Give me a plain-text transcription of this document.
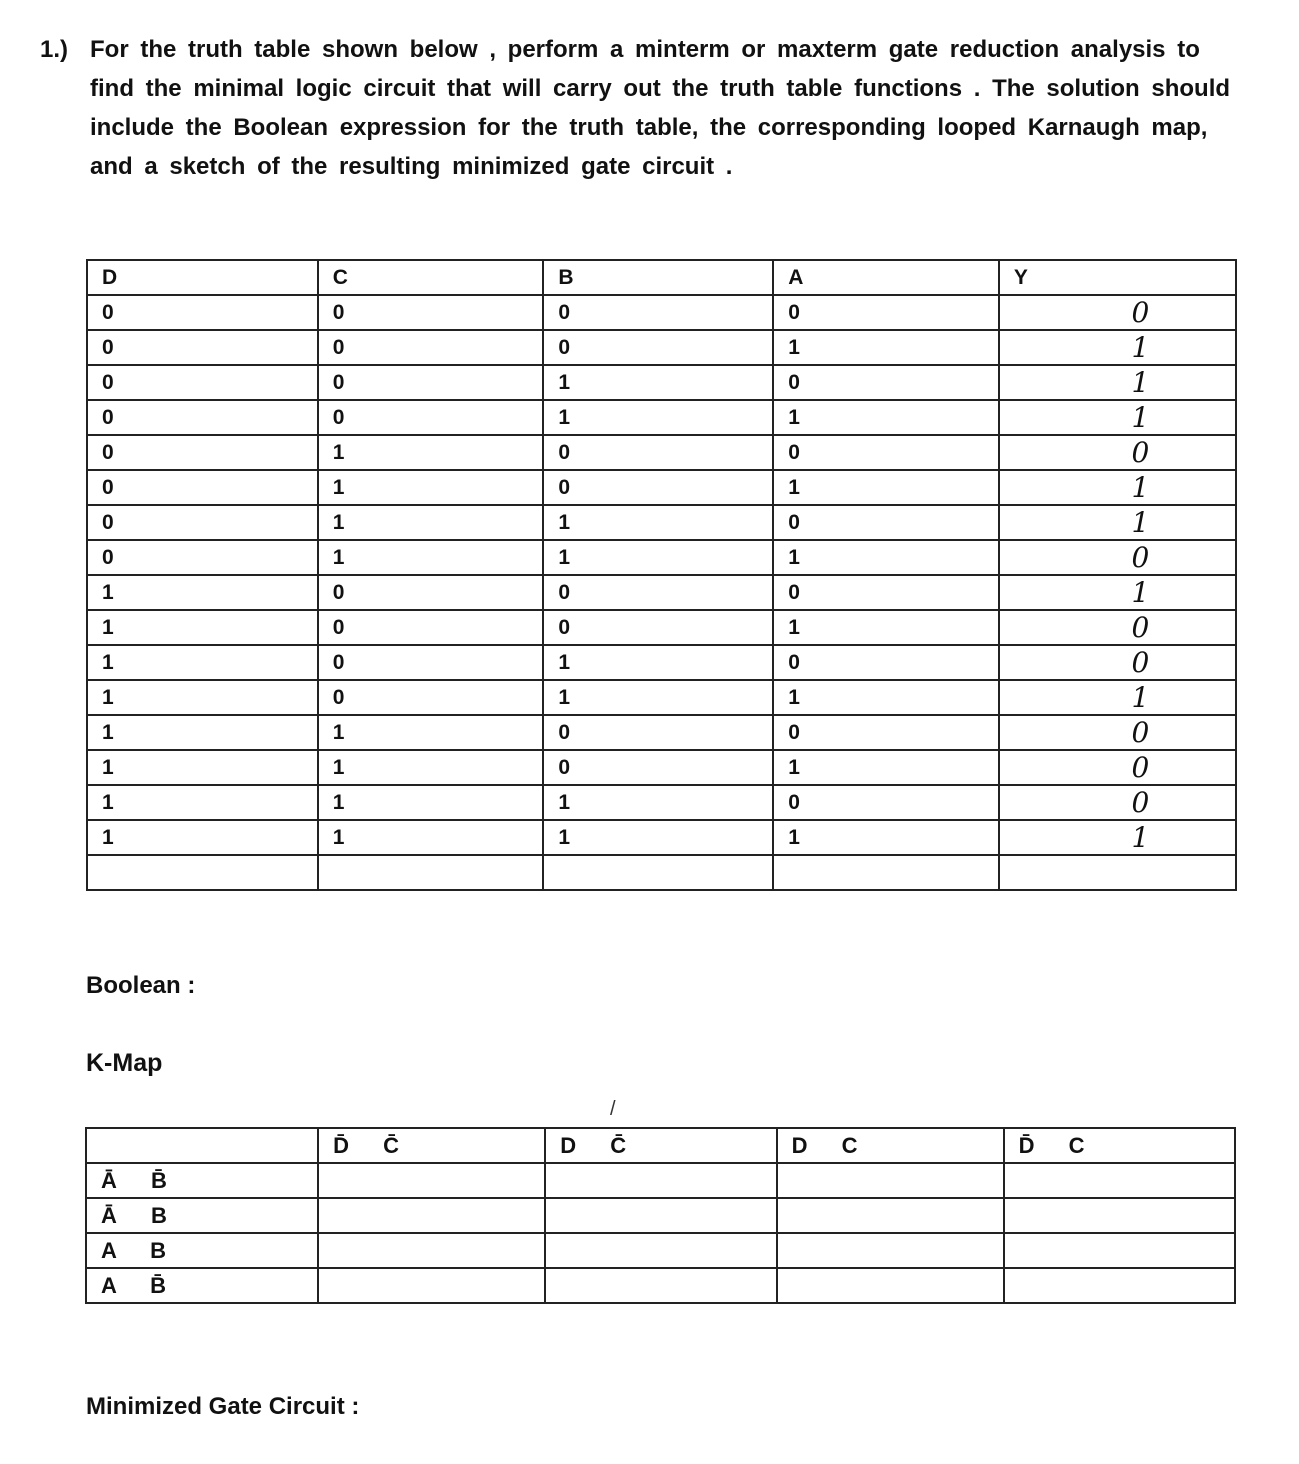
1.) For the truth table shown below , perform a minterm or maxterm gate reduction analysis to find the minimal logic circuit that will carry out the truth table functions . The solution should include the Boolean expression for the truth table, the corresponding looped Karnaugh map, and a sketch of the resulting minimized gate circuit .
D	C	B	A	Y
0	0	0	0	0
0	0	0	1	1
0	0	1	0	1
0	0	1	1	1
0	1	0	0	0
0	1	0	1	1
0	1	1	0	1
0	1	1	1	0
1	0	0	0	1
1	0	0	1	0
1	0	1	0	0
1	0	1	1	1
1	1	0	0	0
1	1	0	1	0
1	1	1	0	0
1	1	1	1	1

Boolean :
K-Map
/
	D̄ C̄	D C̄	D C	D̄ C
Ā B̄				
Ā B				
A B				
A B̄				
Minimized Gate Circuit :
